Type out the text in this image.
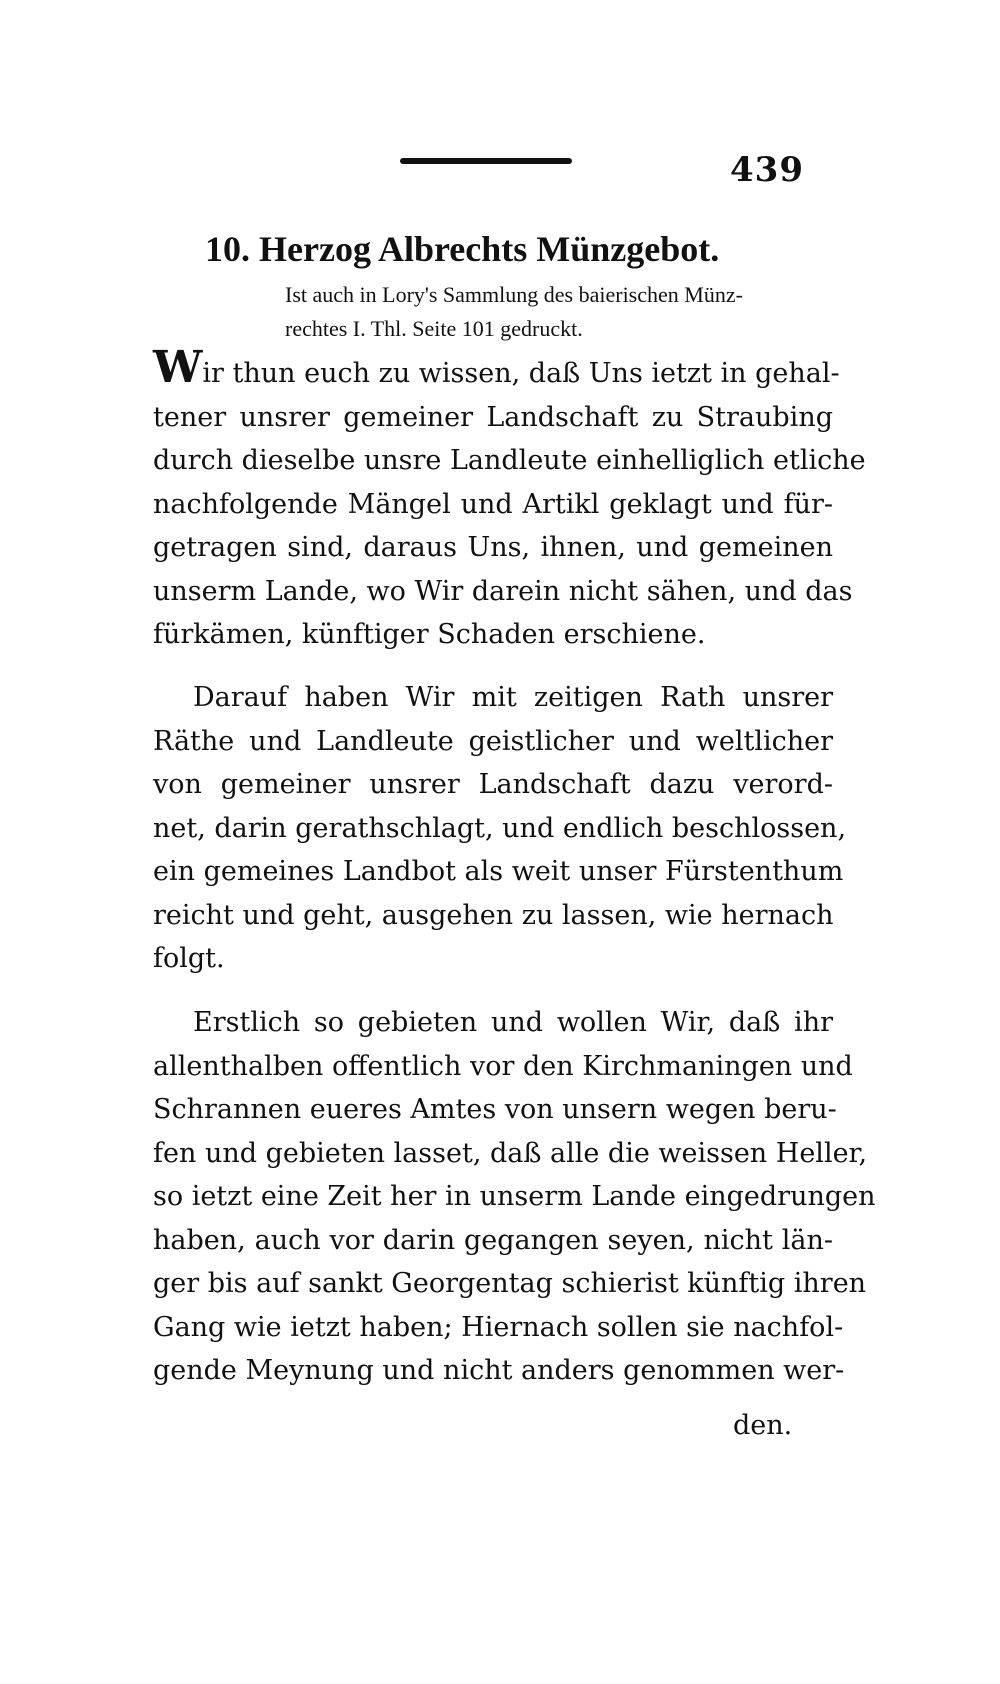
439
10. Herzog Albrechts Münzgebot.
Ist auch in Lory's Sammlung des baierischen Münz-
rechtes I. Thl. Seite 101 gedruckt.
Wir thun euch zu wissen, daß Uns ietzt in gehal-
tener unsrer gemeiner Landschaft zu Straubing
durch dieselbe unsre Landleute einhelliglich etliche
nachfolgende Mängel und Artikl geklagt und für-
getragen sind, daraus Uns, ihnen, und gemeinen
unserm Lande, wo Wir darein nicht sähen, und das
fürkämen, künftiger Schaden erschiene.
Darauf haben Wir mit zeitigen Rath unsrer
Räthe und Landleute geistlicher und weltlicher
von gemeiner unsrer Landschaft dazu verord-
net, darin gerathschlagt, und endlich beschlossen,
ein gemeines Landbot als weit unser Fürstenthum
reicht und geht, ausgehen zu lassen, wie hernach
folgt.
Erstlich so gebieten und wollen Wir, daß ihr
allenthalben offentlich vor den Kirchmaningen und
Schrannen eueres Amtes von unsern wegen beru-
fen und gebieten lasset, daß alle die weissen Heller,
so ietzt eine Zeit her in unserm Lande eingedrungen
haben, auch vor darin gegangen seyen, nicht län-
ger bis auf sankt Georgentag schierist künftig ihren
Gang wie ietzt haben; Hiernach sollen sie nachfol-
gende Meynung und nicht anders genommen wer-
den.
